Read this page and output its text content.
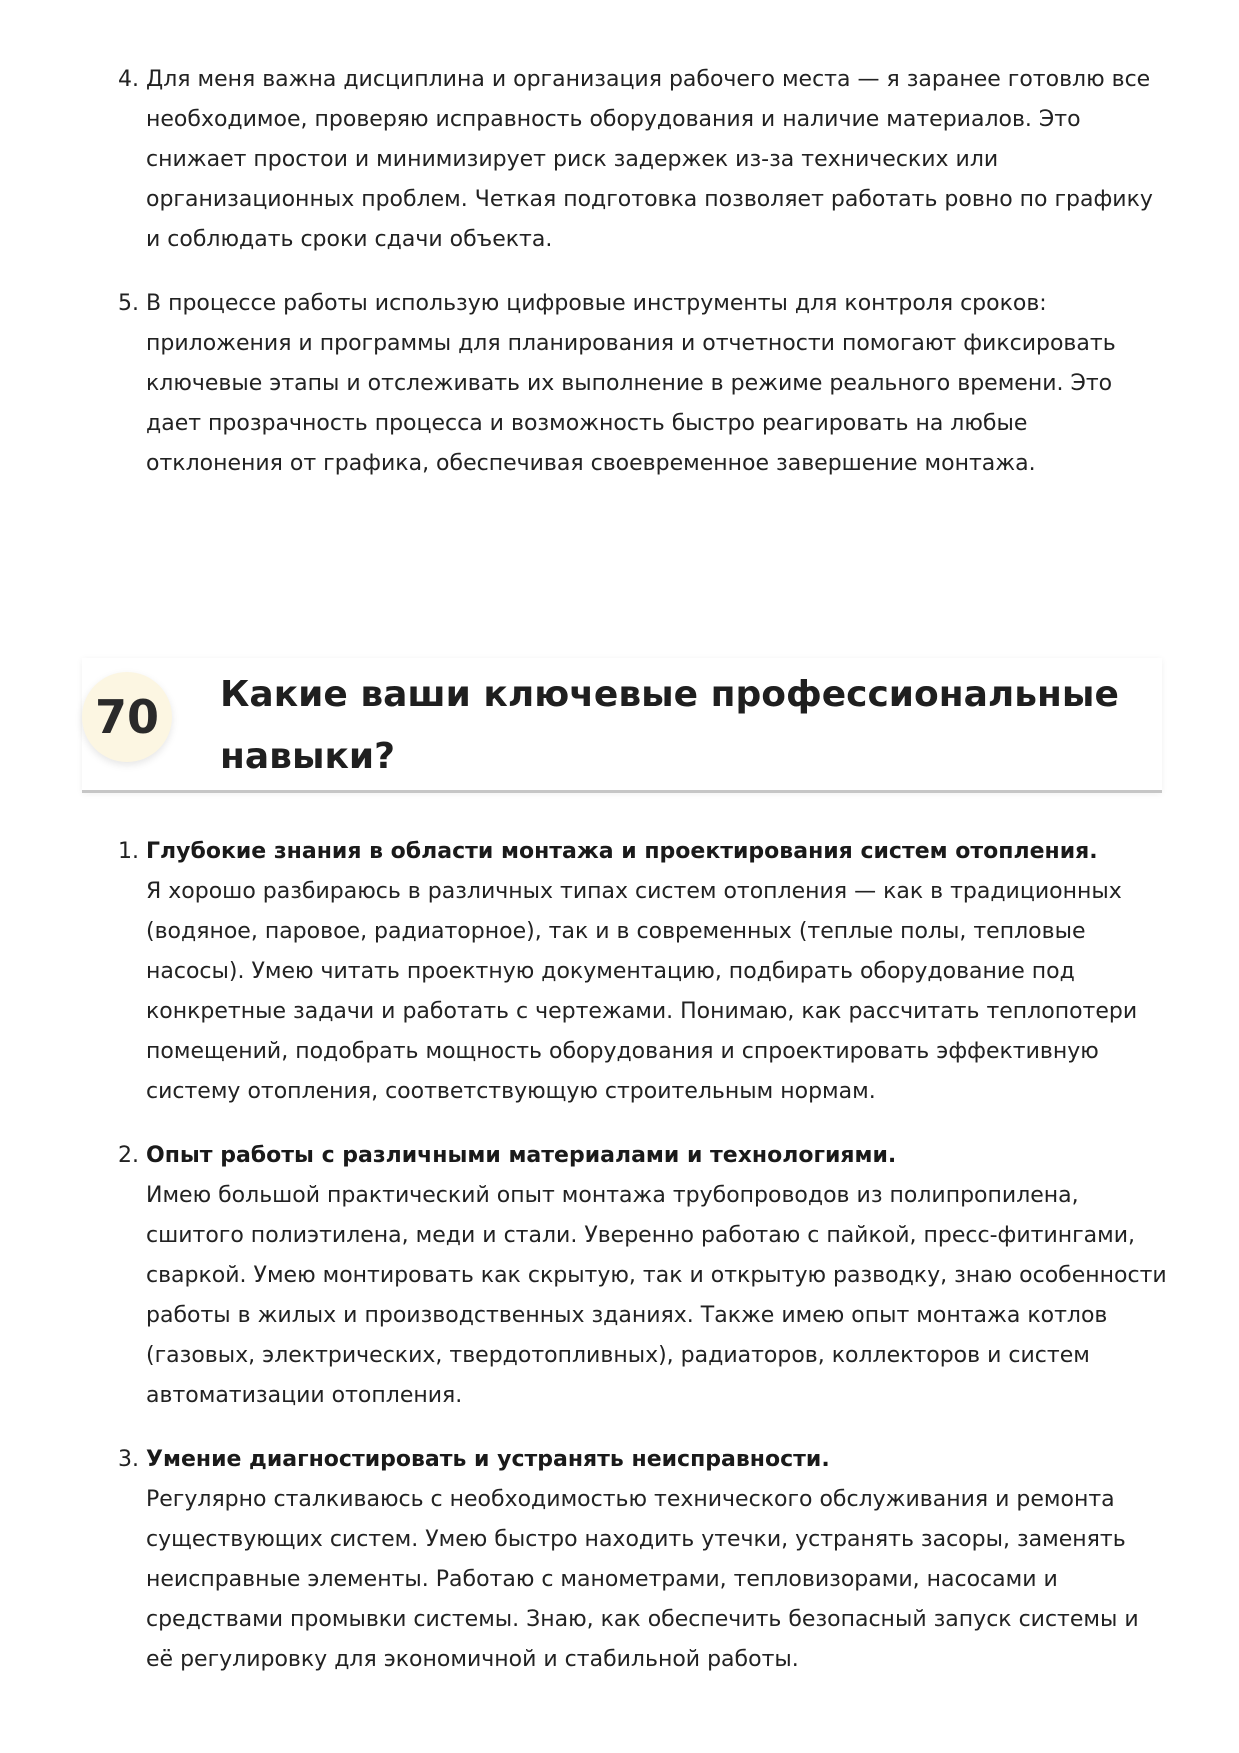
4. Для меня важна дисциплина и организация рабочего места — я заранее готовлю все необходимое, проверяю исправность оборудования и наличие материалов. Это снижает простои и минимизирует риск задержек из-за технических или организационных проблем. Четкая подготовка позволяет работать ровно по графику и соблюдать сроки сдачи объекта.
5. В процессе работы использую цифровые инструменты для контроля сроков: приложения и программы для планирования и отчетности помогают фиксировать ключевые этапы и отслеживать их выполнение в режиме реального времени. Это дает прозрачность процесса и возможность быстро реагировать на любые отклонения от графика, обеспечивая своевременное завершение монтажа.
70	Какие ваши ключевые профессиональные навыки?
1. Глубокие знания в области монтажа и проектирования систем отопления.
Я хорошо разбираюсь в различных типах систем отопления — как в традиционных (водяное, паровое, радиаторное), так и в современных (теплые полы, тепловые насосы). Умею читать проектную документацию, подбирать оборудование под конкретные задачи и работать с чертежами. Понимаю, как рассчитать теплопотери помещений, подобрать мощность оборудования и спроектировать эффективную систему отопления, соответствующую строительным нормам.
2. Опыт работы с различными материалами и технологиями.
Имею большой практический опыт монтажа трубопроводов из полипропилена, сшитого полиэтилена, меди и стали. Уверенно работаю с пайкой, пресс-фитингами, сваркой. Умею монтировать как скрытую, так и открытую разводку, знаю особенности работы в жилых и производственных зданиях. Также имею опыт монтажа котлов (газовых, электрических, твердотопливных), радиаторов, коллекторов и систем автоматизации отопления.
3. Умение диагностировать и устранять неисправности.
Регулярно сталкиваюсь с необходимостью технического обслуживания и ремонта существующих систем. Умею быстро находить утечки, устранять засоры, заменять неисправные элементы. Работаю с манометрами, тепловизорами, насосами и средствами промывки системы. Знаю, как обеспечить безопасный запуск системы и её регулировку для экономичной и стабильной работы.
